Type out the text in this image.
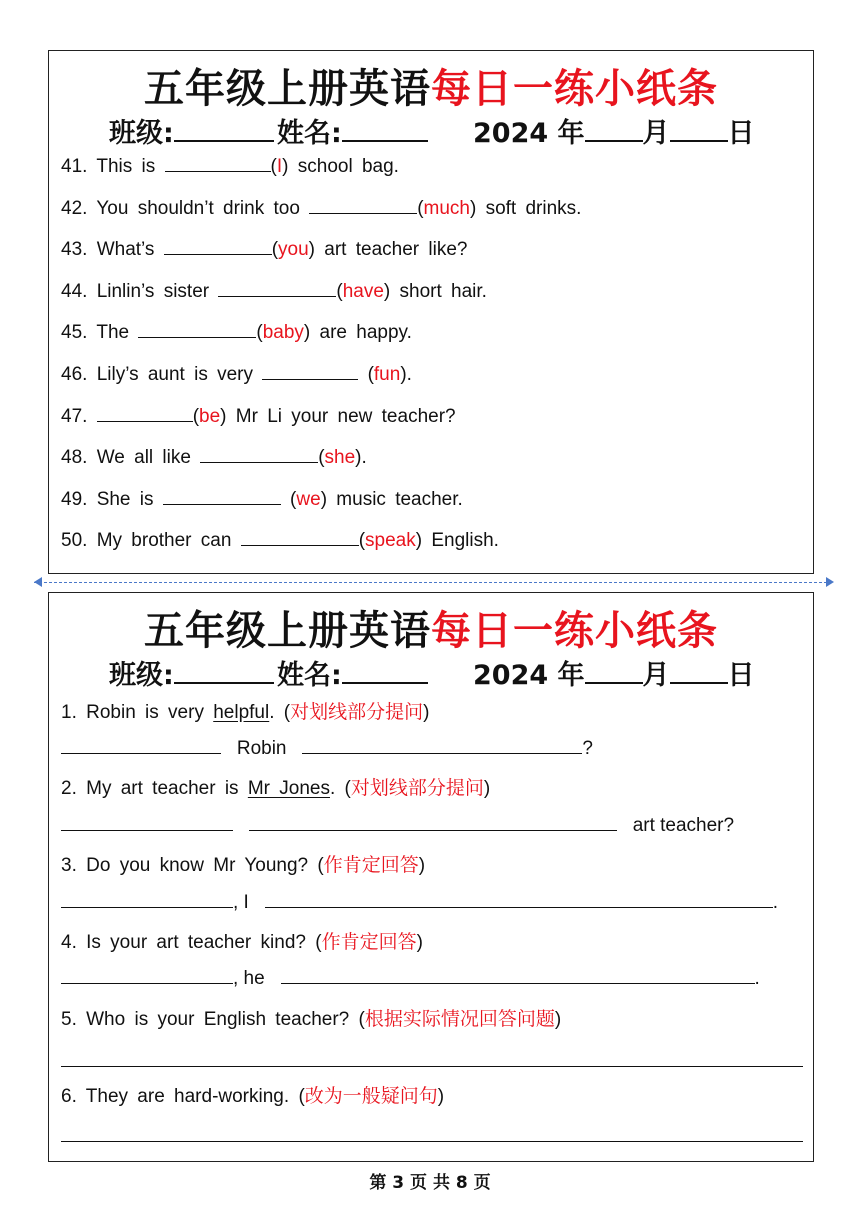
五年级上册英语每日一练小纸条
班级:	姓名:	2024 年 月 日
41. This is	(I) school bag.
42. You shouldn’t drink too	(much) soft drinks.
43. What’s	(you) art teacher like?
44. Linlin’s sister	(have) short hair.
45. The	(baby) are happy.
46. Lily’s aunt is very	(fun).
47.	(be) Mr Li your new teacher?
48. We all like	(she).
49. She is	(we) music teacher.
50. My brother can	(speak) English.
五年级上册英语每日一练小纸条
班级:	姓名:	2024 年 月 日
1. Robin is very helpful. (对划线部分提问)
Robin	?
2. My art teacher is Mr Jones. (对划线部分提问)
art teacher?
3. Do you know Mr Young? (作肯定回答)
, I	.
4. Is your art teacher kind? (作肯定回答)
, he	.
5. Who is your English teacher? (根据实际情况回答问题)
6. They are hard-working. (改为一般疑问句)
第 3 页 共 8 页
